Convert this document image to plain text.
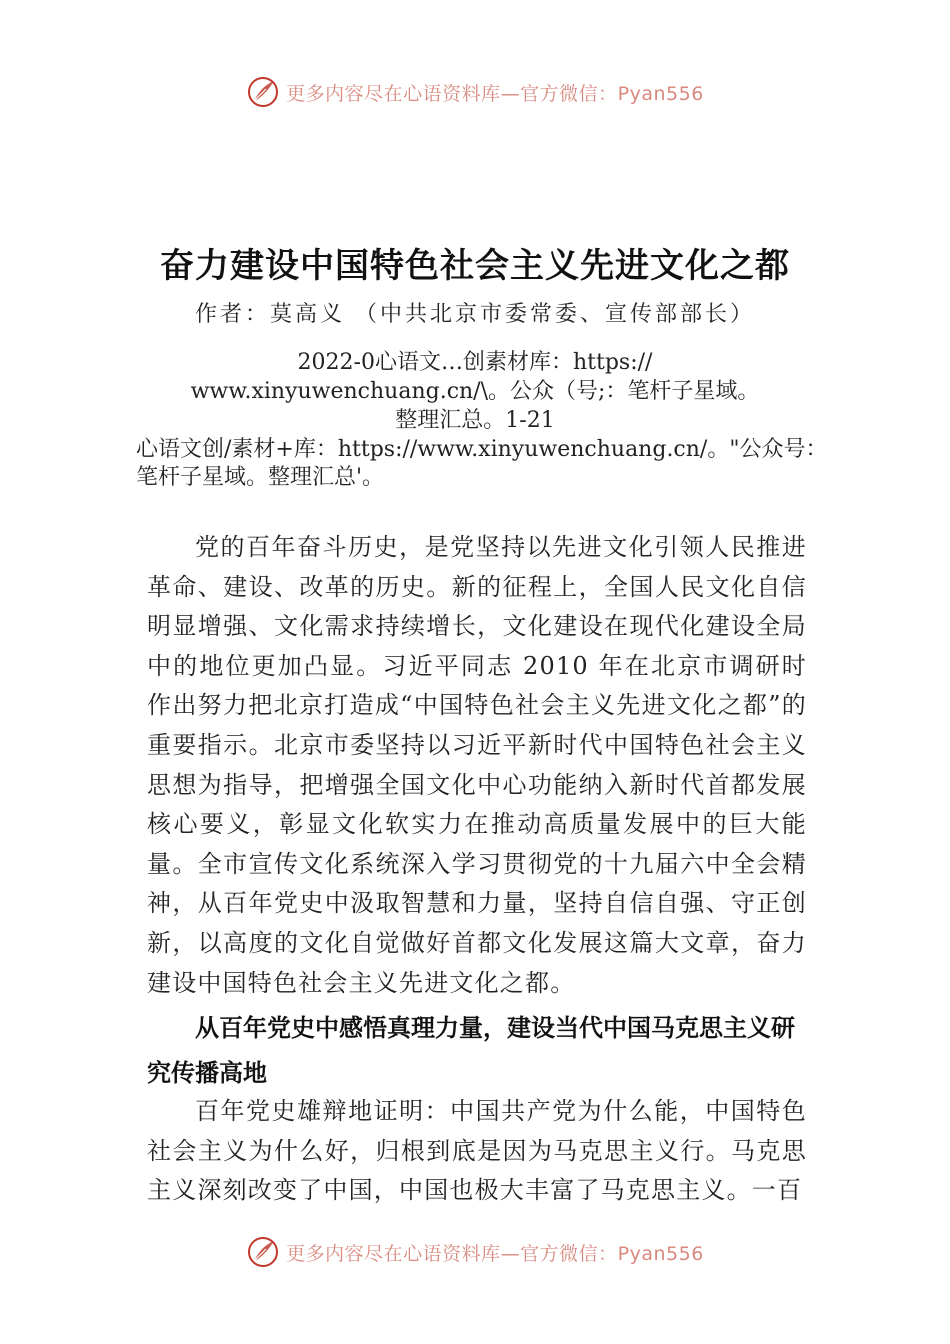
更多内容尽在心语资料库—官方微信：Pyan556
奋力建设中国特色社会主义先进文化之都
作者：莫高义 （中共北京市委常委、宣传部部长）
2022-0心语文…创素材库：https://
www.xinyuwenchuang.cn/\。公众（号;：笔杆子星域。
整理汇总。1-21
心语文创/素材+库：https://www.xinyuwenchuang.cn/。"公众号：笔杆子星域。整理汇总'。
党的百年奋斗历史，是党坚持以先进文化引领人民推进革命、建设、改革的历史。新的征程上，全国人民文化自信明显增强、文化需求持续增长，文化建设在现代化建设全局中的地位更加凸显。习近平同志 2010 年在北京市调研时作出努力把北京打造成“中国特色社会主义先进文化之都”的重要指示。北京市委坚持以习近平新时代中国特色社会主义思想为指导，把增强全国文化中心功能纳入新时代首都发展核心要义，彰显文化软实力在推动高质量发展中的巨大能量。全市宣传文化系统深入学习贯彻党的十九届六中全会精神，从百年党史中汲取智慧和力量，坚持自信自强、守正创新，以高度的文化自觉做好首都文化发展这篇大文章，奋力建设中国特色社会主义先进文化之都。
从百年党史中感悟真理力量，建设当代中国马克思主义研究传播高地
百年党史雄辩地证明：中国共产党为什么能，中国特色社会主义为什么好，归根到底是因为马克思主义行。马克思主义深刻改变了中国，中国也极大丰富了马克思主义。一百
更多内容尽在心语资料库—官方微信：Pyan556
